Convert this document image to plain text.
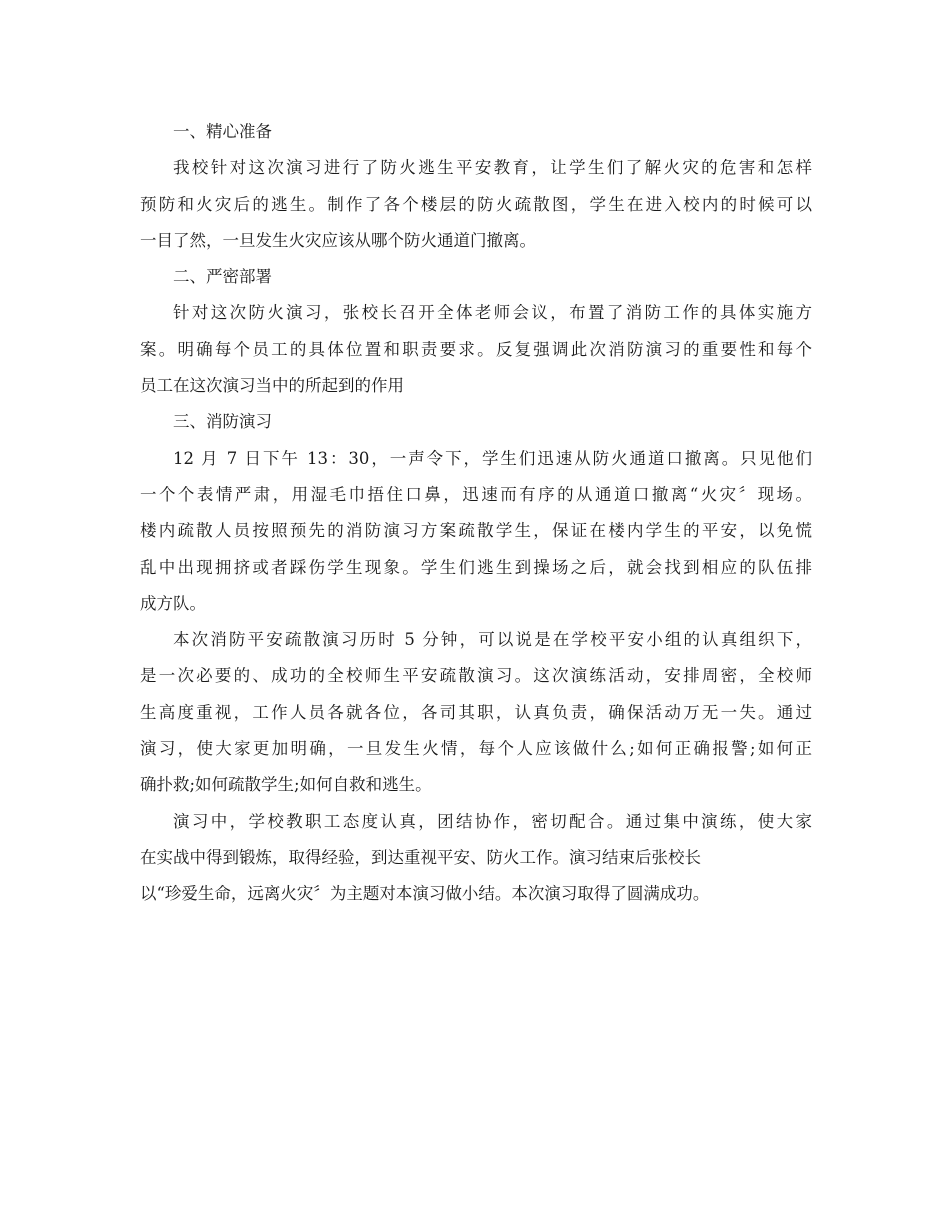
一、精心准备

我校针对这次演习进行了防火逃生平安教育，让学生们了解火灾的危害和怎样
预防和火灾后的逃生。制作了各个楼层的防火疏散图，学生在进入校内的时候可以
一目了然，一旦发生火灾应该从哪个防火通道门撤离。

二、严密部署

针对这次防火演习，张校长召开全体老师会议，布置了消防工作的具体实施方
案。明确每个员工的具体位置和职责要求。反复强调此次消防演习的重要性和每个
员工在这次演习当中的所起到的作用

三、消防演习

12 月 7 日下午 13：30，一声令下，学生们迅速从防火通道口撤离。只见他们
一个个表情严肃，用湿毛巾捂住口鼻，迅速而有序的从通道口撤离“火灾〞现场。
楼内疏散人员按照预先的消防演习方案疏散学生，保证在楼内学生的平安，以免慌
乱中出现拥挤或者踩伤学生现象。学生们逃生到操场之后，就会找到相应的队伍排
成方队。

本次消防平安疏散演习历时 5 分钟，可以说是在学校平安小组的认真组织下，
是一次必要的、成功的全校师生平安疏散演习。这次演练活动，安排周密，全校师
生高度重视，工作人员各就各位，各司其职，认真负责，确保活动万无一失。通过
演习，使大家更加明确，一旦发生火情，每个人应该做什么;如何正确报警;如何正
确扑救;如何疏散学生;如何自救和逃生。

演习中，学校教职工态度认真，团结协作，密切配合。通过集中演练，使大家
在实战中得到锻炼，取得经验，到达重视平安、防火工作。演习结束后张校长
以“珍爱生命，远离火灾〞为主题对本演习做小结。本次演习取得了圆满成功。
